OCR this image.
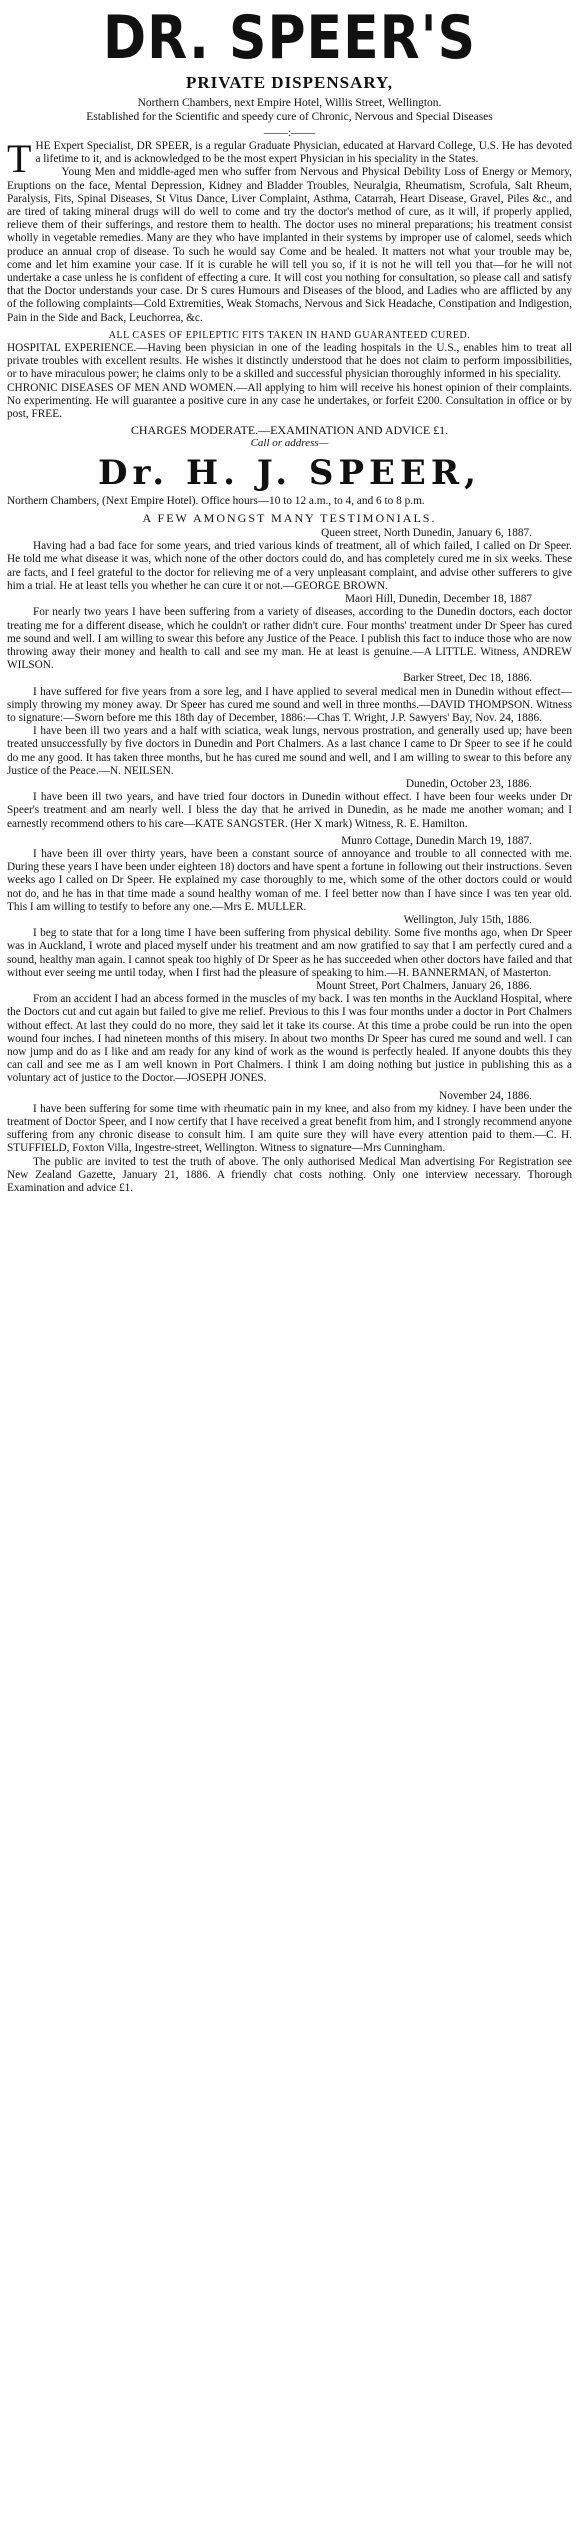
DR. SPEER'S
PRIVATE DISPENSARY,
Northern Chambers, next Empire Hotel, Willis Street, Wellington.
Established for the Scientific and speedy cure of Chronic, Nervous and Special Diseases
——:——

THE Expert Specialist, DR SPEER, is a regular Graduate Physician, educated at Harvard College, U.S. He has devoted a lifetime to it, and is acknowledged to be the most expert Physician in his speciality in the States.

Young Men and middle-aged men who suffer from Nervous and Physical Debility Loss of Energy or Memory, Eruptions on the face, Mental Depression, Kidney and Bladder Troubles, Neuralgia, Rheumatism, Scrofula, Salt Rheum, Paralysis, Fits, Spinal Diseases, St Vitus Dance, Liver Complaint, Asthma, Catarrah, Heart Disease, Gravel, Piles &c., and are tired of taking mineral drugs will do well to come and try the doctor's method of cure, as it will, if properly applied, relieve them of their sufferings, and restore them to health. The doctor uses no mineral preparations; his treatment consist wholly in vegetable remedies. Many are they who have implanted in their systems by improper use of calomel, seeds which produce an annual crop of disease. To such he would say Come and be healed. It matters not what your trouble may be, come and let him examine your case. If it is curable he will tell you so, if it is not he will tell you that—for he will not undertake a case unless he is confident of effecting a cure. It will cost you nothing for consultation, so please call and satisfy that the Doctor understands your case. Dr S cures Humours and Diseases of the blood, and Ladies who are afflicted by any of the following complaints—Cold Extremities, Weak Stomachs, Nervous and Sick Headache, Constipation and Indigestion, Pain in the Side and Back, Leuchorrea, &c.

ALL CASES OF EPILEPTIC FITS TAKEN IN HAND GUARANTEED CURED.

HOSPITAL EXPERIENCE.—Having been physician in one of the leading hospitals in the U.S., enables him to treat all private troubles with excellent results. He wishes it distinctly understood that he does not claim to perform impossibilities, or to have miraculous power; he claims only to be a skilled and successful physician thoroughly informed in his speciality.

CHRONIC DISEASES OF MEN AND WOMEN.—All applying to him will receive his honest opinion of their complaints. No experimenting. He will guarantee a positive cure in any case he undertakes, or forfeit £200. Consultation in office or by post, FREE.

CHARGES MODERATE.—EXAMINATION AND ADVICE £1.
Call or address—
Dr. H. J. SPEER,

Northern Chambers, (Next Empire Hotel). Office hours—10 to 12 a.m., to 4, and 6 to 8 p.m.

A FEW AMONGST MANY TESTIMONIALS.
Queen street, North Dunedin, January 6, 1887.

Having had a bad face for some years, and tried various kinds of treatment, all of which failed, I called on Dr Speer. He told me what disease it was, which none of the other doctors could do, and has completely cured me in six weeks. These are facts, and I feel grateful to the doctor for relieving me of a very unpleasant complaint, and advise other sufferers to give him a trial. He at least tells you whether he can cure it or not.—GEORGE BROWN.

Maori Hill, Dunedin, December 18, 1887

For nearly two years I have been suffering from a variety of diseases, according to the Dunedin doctors, each doctor treating me for a different disease, which he couldn't or rather didn't cure. Four months' treatment under Dr Speer has cured me sound and well. I am willing to swear this before any Justice of the Peace. I publish this fact to induce those who are now throwing away their money and health to call and see my man. He at least is genuine.—A LITTLE. Witness, ANDREW WILSON.

Barker Street, Dec 18, 1886.

I have suffered for five years from a sore leg, and I have applied to several medical men in Dunedin without effect—simply throwing my money away. Dr Speer has cured me sound and well in three months.—DAVID THOMPSON. Witness to signature:—Sworn before me this 18th day of December, 1886:—Chas T. Wright, J.P. Sawyers' Bay, Nov. 24, 1886.

I have been ill two years and a half with sciatica, weak lungs, nervous prostration, and generally used up; have been treated unsuccessfully by five doctors in Dunedin and Port Chalmers. As a last chance I came to Dr Speer to see if he could do me any good. It has taken three months, but he has cured me sound and well, and I am willing to swear to this before any Justice of the Peace.—N. NEILSEN.

Dunedin, October 23, 1886.

I have been ill two years, and have tried four doctors in Dunedin without effect. I have been four weeks under Dr Speer's treatment and am nearly well. I bless the day that he arrived in Dunedin, as he made me another woman; and I earnestly recommend others to his care—KATE SANGSTER. (Her X mark) Witness, R. E. Hamilton.

Munro Cottage, Dunedin March 19, 1887.

I have been ill over thirty years, have been a constant source of annoyance and trouble to all connected with me. During these years I have been under eighteen 18) doctors and have spent a fortune in following out their instructions. Seven weeks ago I called on Dr Speer. He explained my case thoroughly to me, which some of the other doctors could or would not do, and he has in that time made a sound healthy woman of me. I feel better now than I have since I was ten year old. This I am willing to testify to before any one.—Mrs E. MULLER.

Wellington, July 15th, 1886.

I beg to state that for a long time I have been suffering from physical debility. Some five months ago, when Dr Speer was in Auckland, I wrote and placed myself under his treatment and am now gratified to say that I am perfectly cured and a sound, healthy man again. I cannot speak too highly of Dr Speer as he has succeeded when other doctors have failed and that without ever seeing me until today, when I first had the pleasure of speaking to him.—H. BANNERMAN, of Masterton.

Mount Street, Port Chalmers, January 26, 1886.

From an accident I had an abcess formed in the muscles of my back. I was ten months in the Auckland Hospital, where the Doctors cut and cut again but failed to give me relief. Previous to this I was four months under a doctor in Port Chalmers without effect. At last they could do no more, they said let it take its course. At this time a probe could be run into the open wound four inches. I had nineteen months of this misery. In about two months Dr Speer has cured me sound and well. I can now jump and do as I like and am ready for any kind of work as the wound is perfectly healed. If anyone doubts this they can call and see me as I am well known in Port Chalmers. I think I am doing nothing but justice in publishing this as a voluntary act of justice to the Doctor.—JOSEPH JONES.

November 24, 1886.

I have been suffering for some time with rheumatic pain in my knee, and also from my kidney. I have been under the treatment of Doctor Speer, and I now certify that I have received a great benefit from him, and I strongly recommend anyone suffering from any chronic disease to consult him. I am quite sure they will have every attention paid to them.—C. H. STUFFIELD, Foxton Villa, Ingestre-street, Wellington. Witness to signature—Mrs Cunningham.

The public are invited to test the truth of above. The only authorised Medical Man advertising For Registration see New Zealand Gazette, January 21, 1886. A friendly chat costs nothing. Only one interview necessary. Thorough Examination and advice £1.
